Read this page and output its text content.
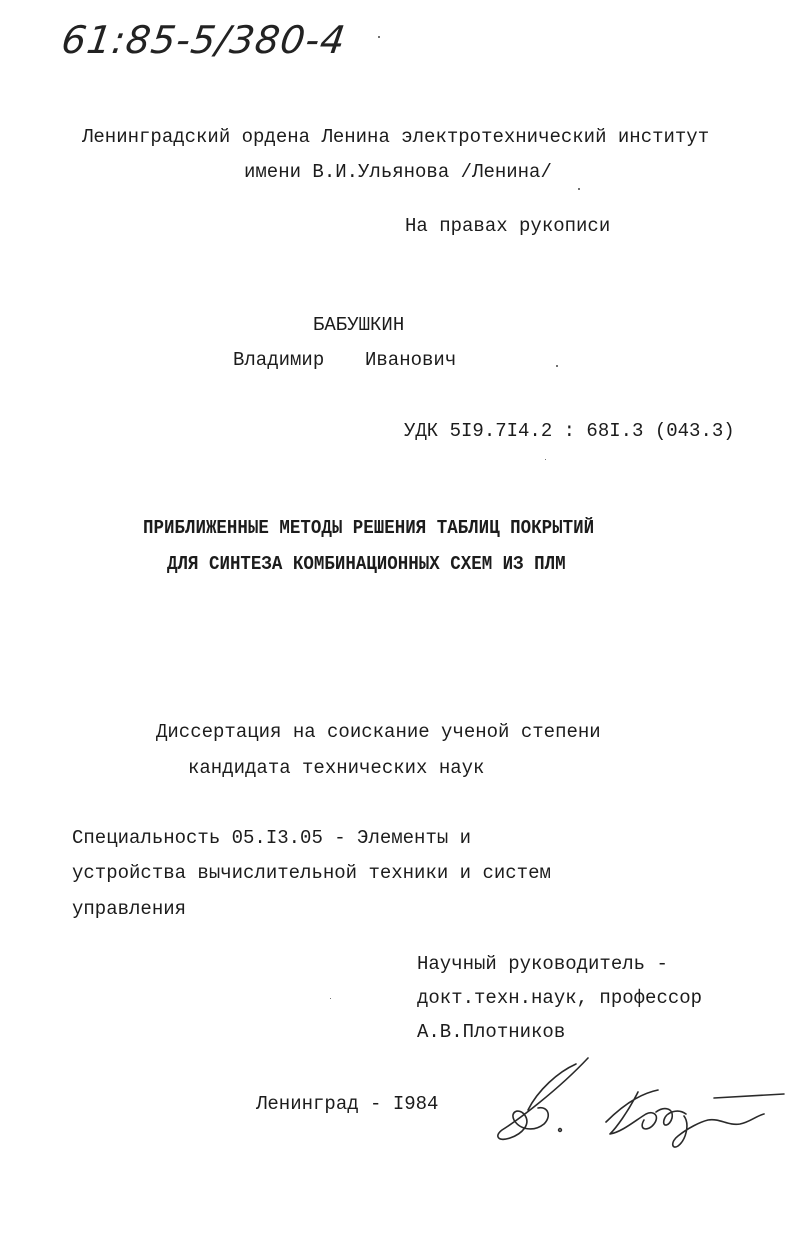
61:85-5/380-4
Ленинградский ордена Ленина электротехнический институт
имени В.И.Ульянова /Ленина/
На правах рукописи
БАБУШКИН
Владимир Иванович
УДК 5I9.7I4.2 : 68I.3 (043.3)
ПРИБЛИЖЕННЫЕ МЕТОДЫ РЕШЕНИЯ ТАБЛИЦ ПОКРЫТИЙ
ДЛЯ СИНТЕЗА КОМБИНАЦИОННЫХ СХЕМ ИЗ ПЛМ
Диссертация на соискание ученой степени
кандидата технических наук
Специальность 05.I3.05 - Элементы и
устройства вычислительной техники и систем
управления
Научный руководитель -
докт.техн.наук, профессор
А.В.Плотников
Ленинград - I984
